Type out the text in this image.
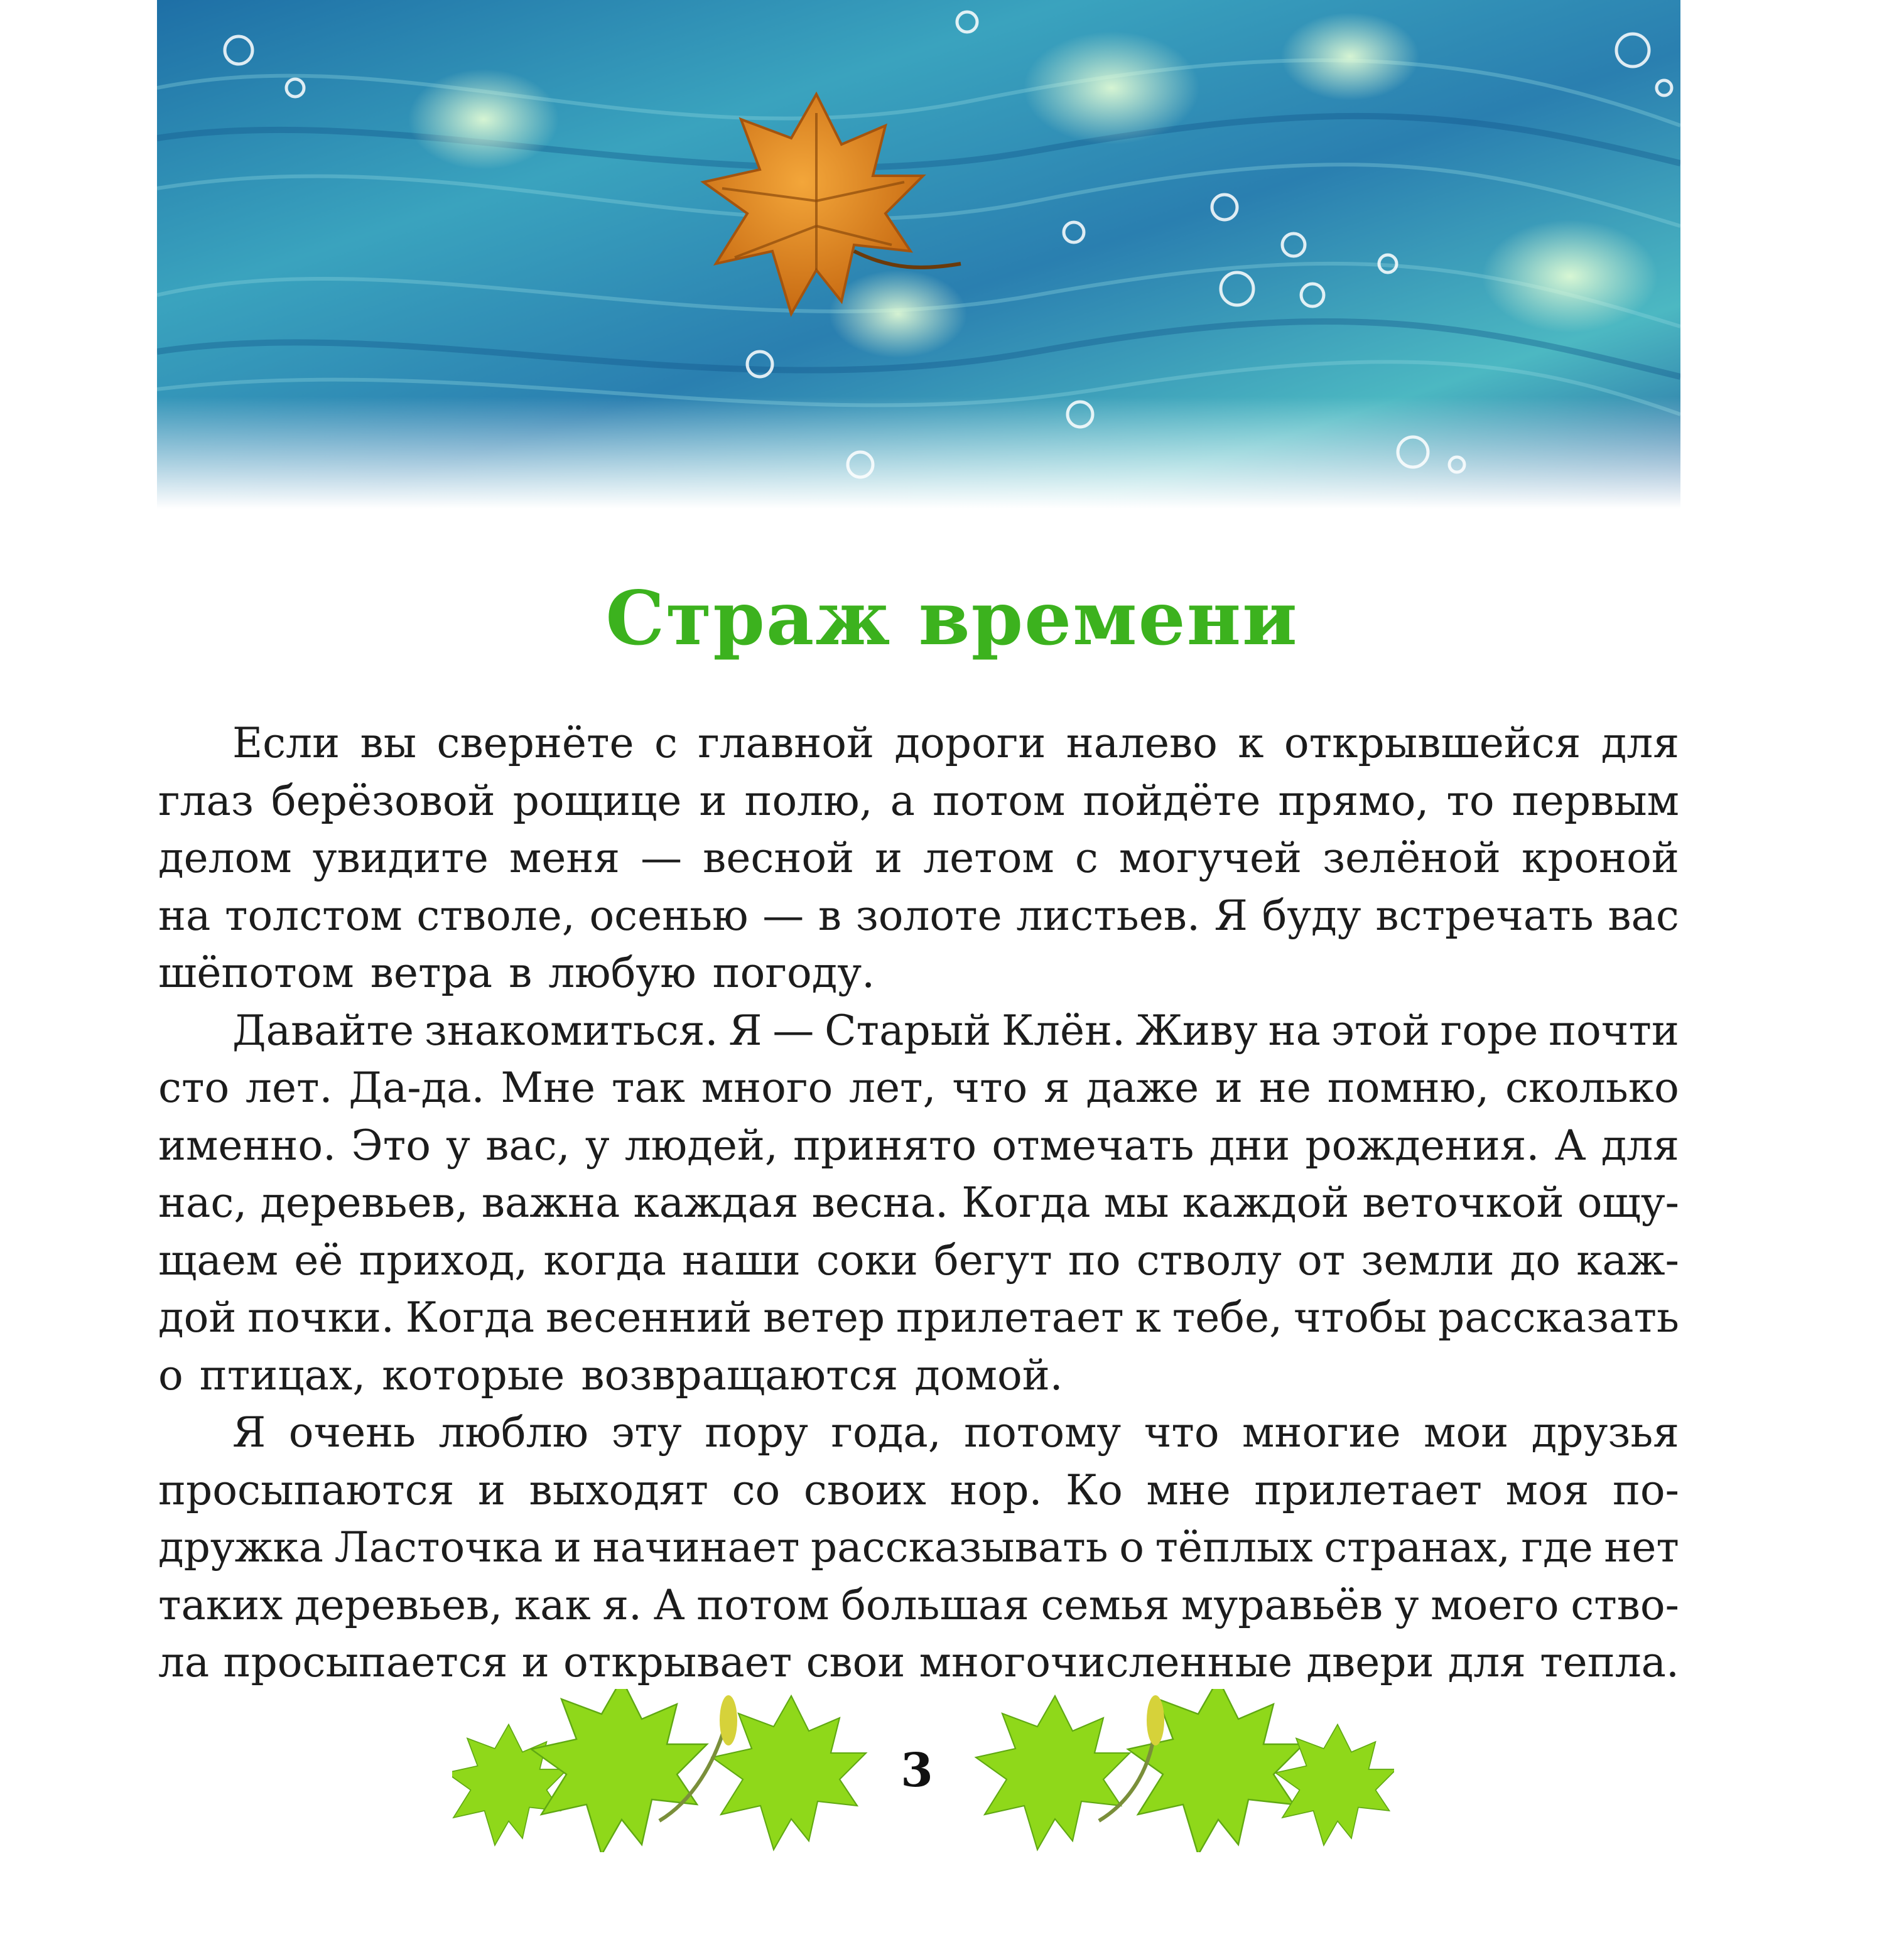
Страж времени
Если вы свернёте с главной дороги налево к открывшейся для
глаз берёзовой рощице и полю, а потом пойдёте прямо, то первым
делом увидите меня — весной и летом с могучей зелёной кроной
на толстом стволе, осенью — в золоте листьев. Я буду встречать вас
шёпотом ветра в любую погоду.
Давайте знакомиться. Я — Старый Клён. Живу на этой горе почти
сто лет. Да-да. Мне так много лет, что я даже и не помню, сколько
именно. Это у вас, у людей, принято отмечать дни рождения. А для
нас, деревьев, важна каждая весна. Когда мы каждой веточкой ощу-
щаем её приход, когда наши соки бегут по стволу от земли до каж-
дой почки. Когда весенний ветер прилетает к тебе, чтобы рассказать
о птицах, которые возвращаются домой.
Я очень люблю эту пору года, потому что многие мои друзья
просыпаются и выходят со своих нор. Ко мне прилетает моя по-
дружка Ласточка и начинает рассказывать о тёплых странах, где нет
таких деревьев, как я. А потом большая семья муравьёв у моего ство-
ла просыпается и открывает свои многочисленные двери для тепла.
3
